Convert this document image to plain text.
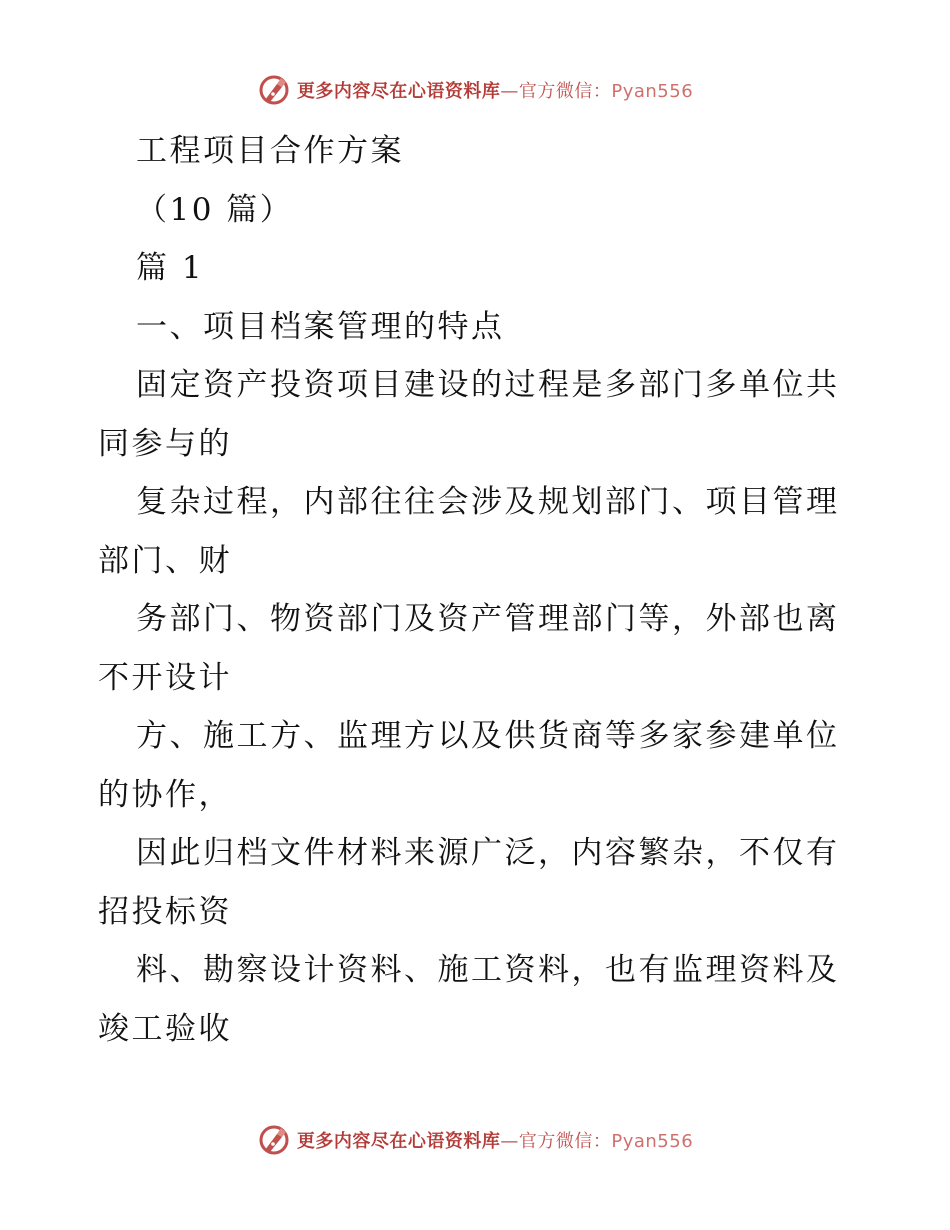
更多内容尽在心语资料库—官方微信：Pyan556
工程项目合作方案
（10 篇）
篇 1
一、项目档案管理的特点
固定资产投资项目建设的过程是多部门多单位共
同参与的
复杂过程，内部往往会涉及规划部门、项目管理
部门、财
务部门、物资部门及资产管理部门等，外部也离
不开设计
方、施工方、监理方以及供货商等多家参建单位
的协作，
因此归档文件材料来源广泛，内容繁杂，不仅有
招投标资
料、勘察设计资料、施工资料，也有监理资料及
竣工验收
更多内容尽在心语资料库—官方微信：Pyan556
